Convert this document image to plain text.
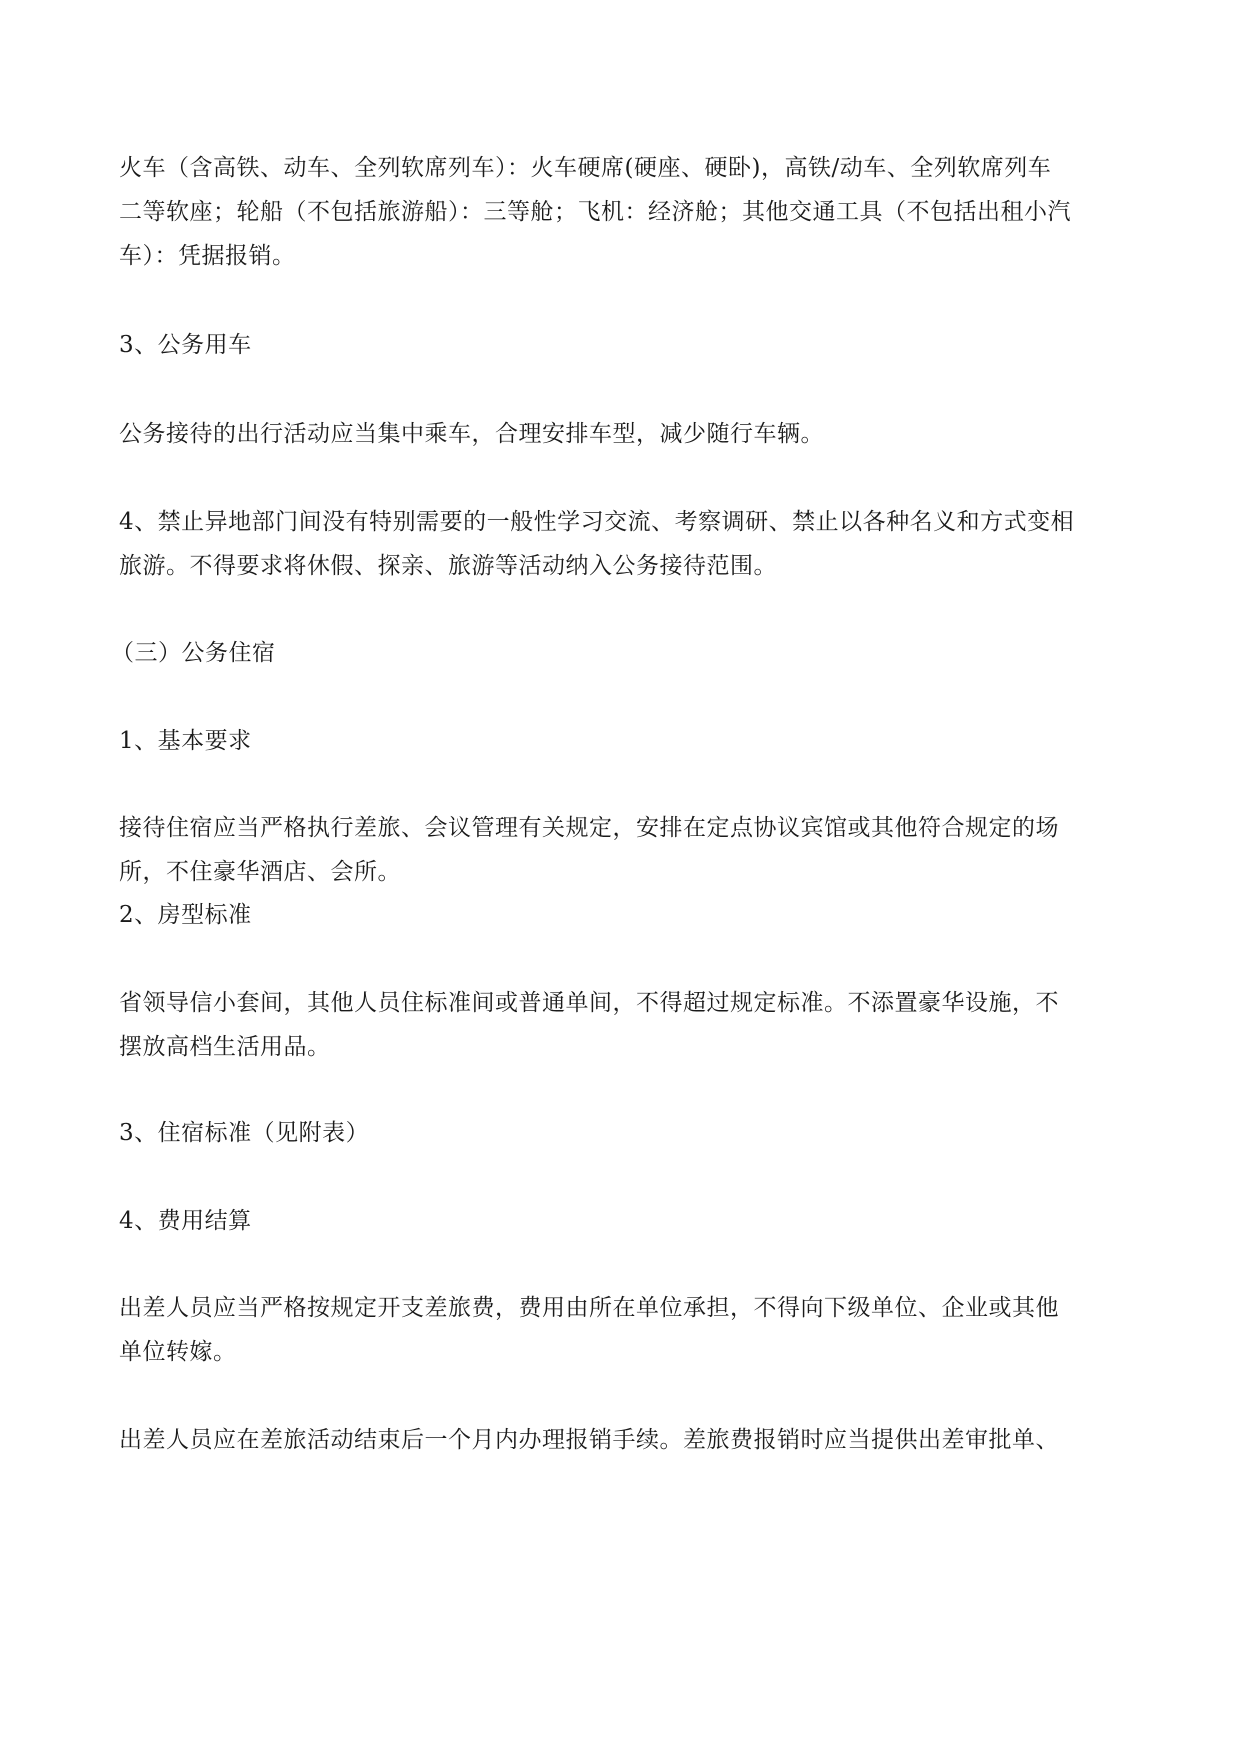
火车（含高铁、动车、全列软席列车）：火车硬席(硬座、硬卧)，高铁/动车、全列软席列车
二等软座；轮船（不包括旅游船）：三等舱；飞机：经济舱；其他交通工具（不包括出租小汽
车）：凭据报销。

3、公务用车

公务接待的出行活动应当集中乘车，合理安排车型，减少随行车辆。

4、禁止异地部门间没有特别需要的一般性学习交流、考察调研、禁止以各种名义和方式变相
旅游。不得要求将休假、探亲、旅游等活动纳入公务接待范围。

（三）公务住宿

1、基本要求

接待住宿应当严格执行差旅、会议管理有关规定，安排在定点协议宾馆或其他符合规定的场
所，不住豪华酒店、会所。

2、房型标准

省领导信小套间，其他人员住标准间或普通单间，不得超过规定标准。不添置豪华设施，不
摆放高档生活用品。

3、住宿标准（见附表）

4、费用结算

出差人员应当严格按规定开支差旅费，费用由所在单位承担，不得向下级单位、企业或其他
单位转嫁。

出差人员应在差旅活动结束后一个月内办理报销手续。差旅费报销时应当提供出差审批单、
